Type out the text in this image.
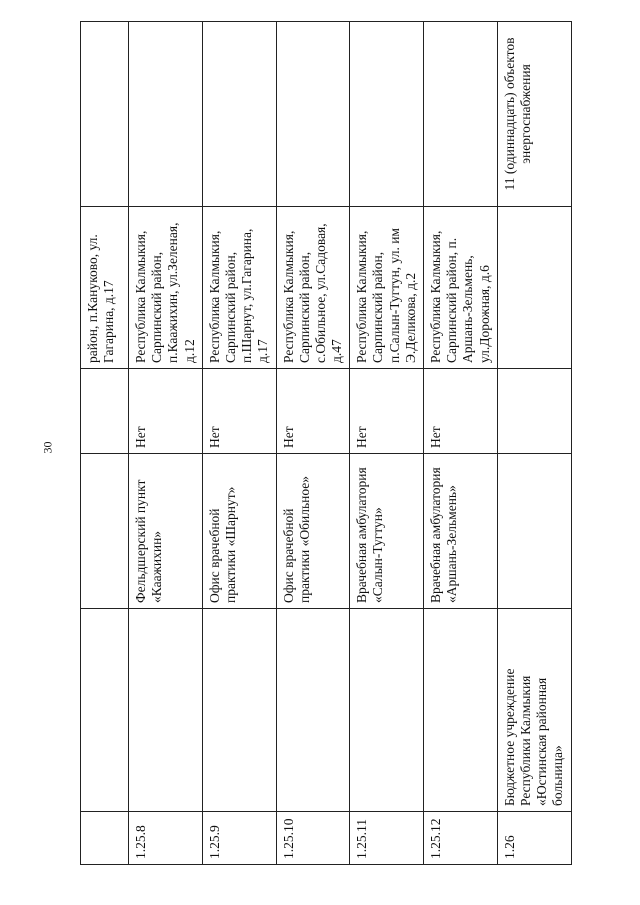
30
				район, п.Кануково, ул. Гагарина, д.17	
1.25.8		Фельдшерский пункт «Каажихин»	Нет	Республика Калмыкия, Сарпинский район, п.Каажихин, ул.Зеленая, д.12	
1.25.9		Офис врачебной практики «Шарнут»	Нет	Республика Калмыкия, Сарпинский район, п.Шарнут, ул.Гагарина, д.17	
1.25.10		Офис врачебной практики «Обильное»	Нет	Республика Калмыкия, Сарпинский район, с.Обильное, ул.Садовая, д.47	
1.25.11		Врачебная амбулатория «Салын-Тугтун»	Нет	Республика Калмыкия, Сарпинский район, п.Салын-Тугтун, ул. им Э.Деликова, д.2	
1.25.12		Врачебная амбулатория «Аршань-Зельмень»	Нет	Республика Калмыкия, Сарпинский район, п. Аршань-Зельмень, ул.Дорожная, д.6	
1.26	Бюджетное учреждение Республики Калмыкия «Юстинская районная больница»				11 (одиннадцать) объектов энергоснабжения
